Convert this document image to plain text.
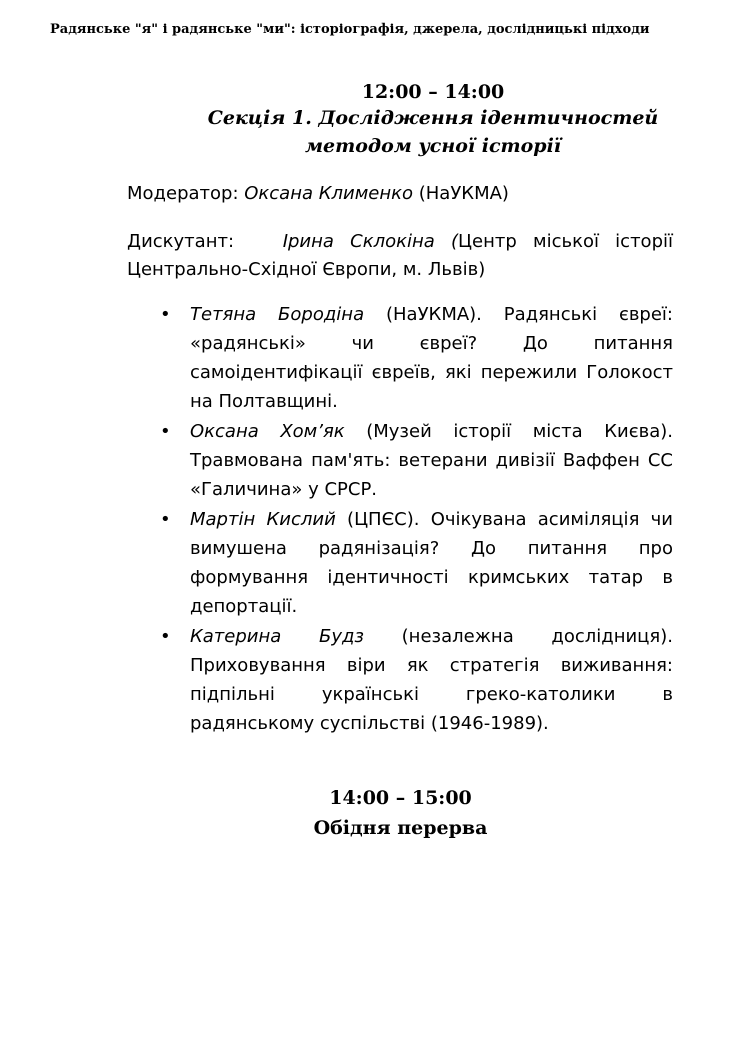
Радянське "я" і радянське "ми": історіографія, джерела, дослідницькі підходи
12:00 – 14:00
Секція 1. Дослідження ідентичностей
методом усної історії
Модератор: Оксана Клименко (НаУКМА)
Дискутант:   Ірина Склокіна (Центр міської історії Центрально-Східної Європи, м. Львів)
• Тетяна Бородіна (НаУКМА). Радянські євреї: «радянські» чи євреї? До питання самоідентифікації євреїв, які пережили Голокост на Полтавщині.
• Оксана Хом’як (Музей історії міста Києва). Травмована пам'ять: ветерани дивізії Ваффен СС «Галичина» у СРСР.
• Мартін Кислий (ЦПЄС). Очікувана асиміляція чи вимушена радянізація? До питання про формування ідентичності кримських татар в депортації.
• Катерина Будз (незалежна дослідниця). Приховування віри як стратегія виживання: підпільні українські греко-католики в радянському суспільстві (1946-1989).
14:00 – 15:00
Обідня перерва
